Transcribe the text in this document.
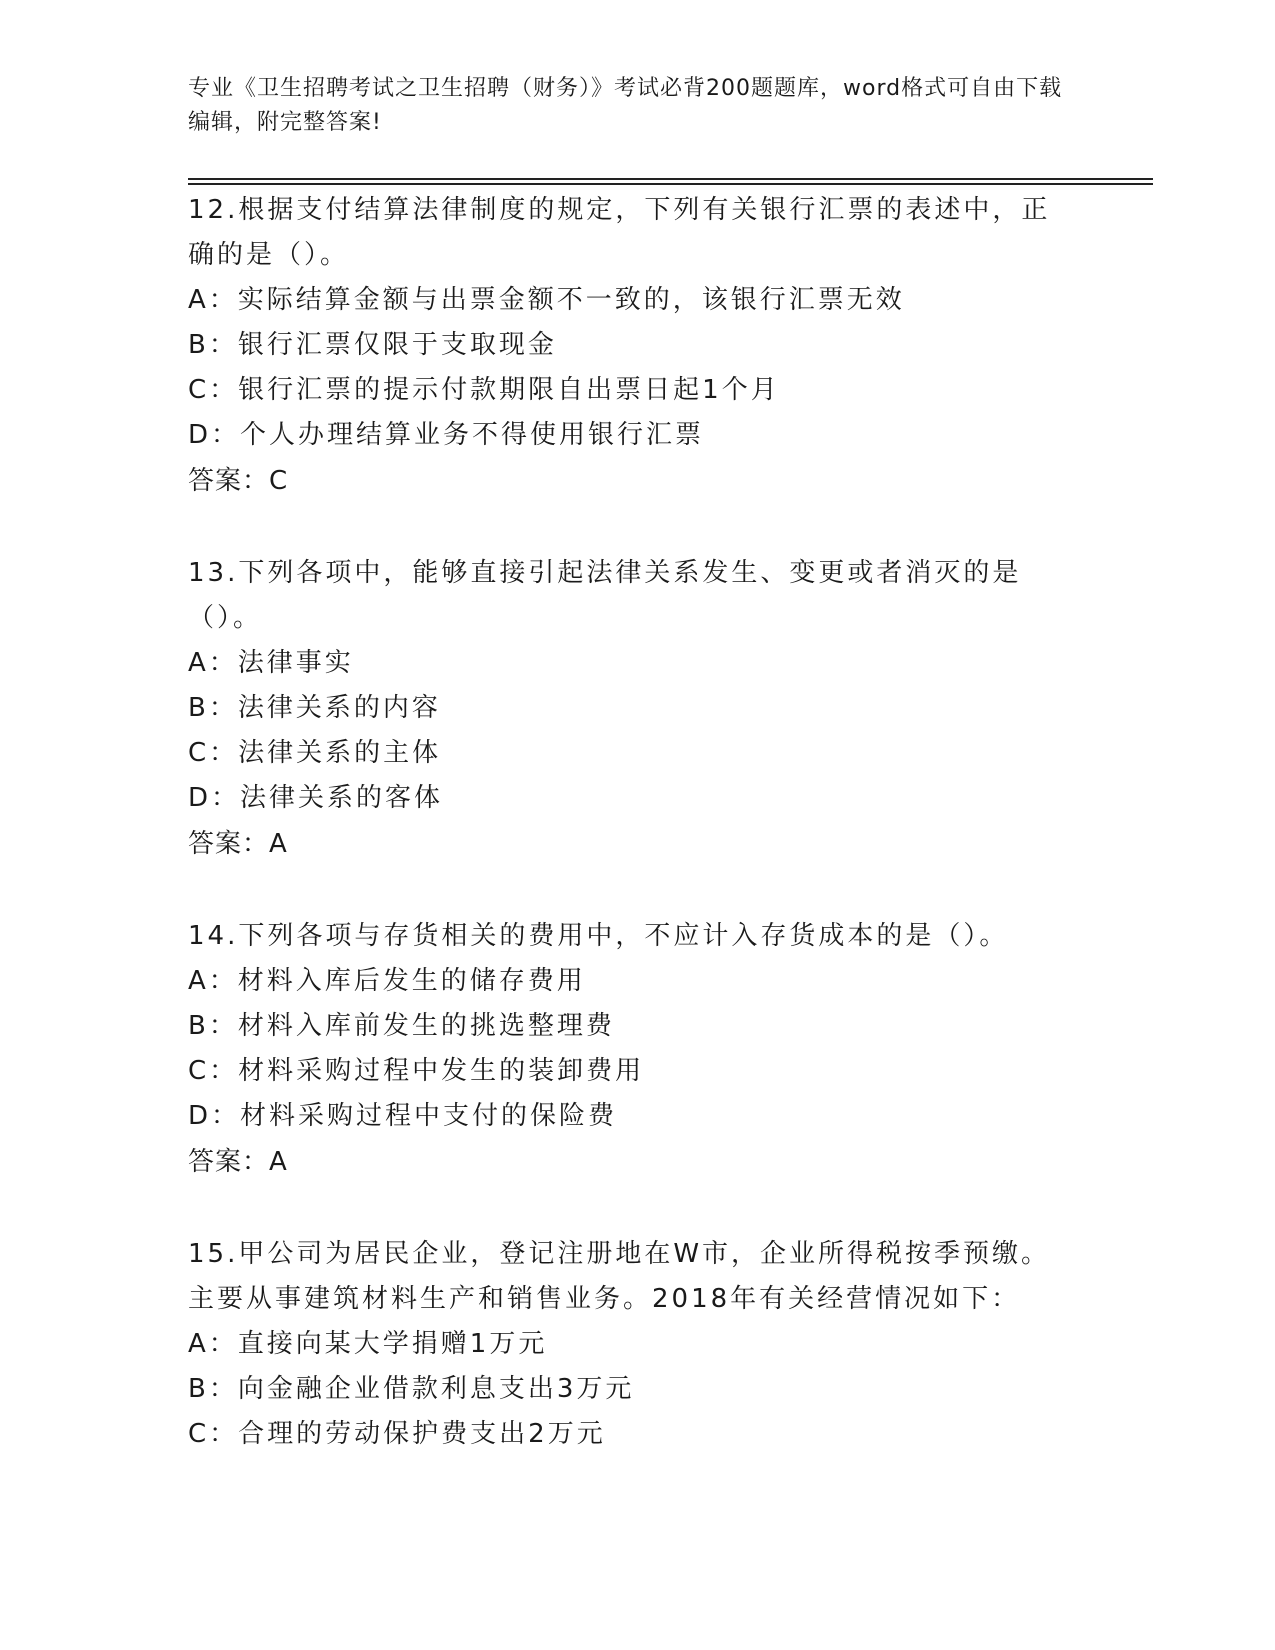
专业《卫生招聘考试之卫生招聘（财务）》考试必背200题题库，word格式可自由下载编辑，附完整答案!
12.根据支付结算法律制度的规定，下列有关银行汇票的表述中，正确的是（）。
A：实际结算金额与出票金额不一致的，该银行汇票无效
B：银行汇票仅限于支取现金
C：银行汇票的提示付款期限自出票日起1个月
D：个人办理结算业务不得使用银行汇票
答案：C
13.下列各项中，能够直接引起法律关系发生、变更或者消灭的是（）。
A：法律事实
B：法律关系的内容
C：法律关系的主体
D：法律关系的客体
答案：A
14.下列各项与存货相关的费用中，不应计入存货成本的是（）。
A：材料入库后发生的储存费用
B：材料入库前发生的挑选整理费
C：材料采购过程中发生的装卸费用
D：材料采购过程中支付的保险费
答案：A
15.甲公司为居民企业，登记注册地在W市，企业所得税按季预缴。主要从事建筑材料生产和销售业务。2018年有关经营情况如下：
A：直接向某大学捐赠1万元
B：向金融企业借款利息支出3万元
C：合理的劳动保护费支出2万元
